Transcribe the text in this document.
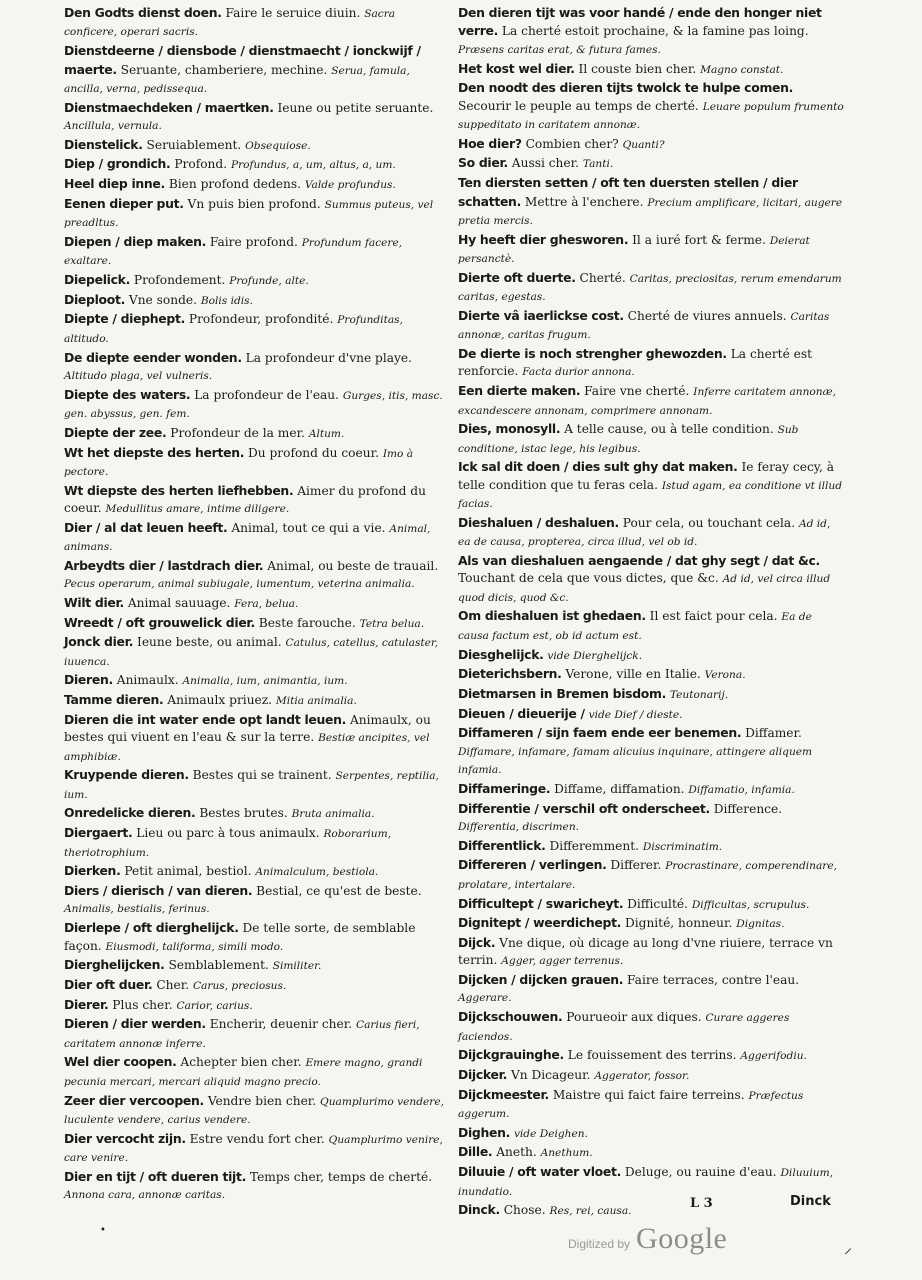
Den Godts dienst doen. Faire le seruice diuin. Sacra conficere, operari sacris.
Dienstdeerne / diensbode / dienstmaecht / ionckwijf / maerte. Seruante, chamberiere, mechine. Serua, famula, ancilla, verna, pedissequa.
Dienstmaechdeken / maertken. Ieune ou petite seruante. Ancillula, vernula.
Dienstelick. Seruiablement. Obsequiose.
Diep / grondich. Profond. Profundus, a, um, altus, a, um.
Heel diep inne. Bien profond dedens. Valde profundus.
Eenen dieper put. Vn puis bien profond. Summus puteus, vel preadltus.
Diepen / diep maken. Faire profond. Profundum facere, exaltare.
Diepelick. Profondement. Profunde, alte.
Dieploot. Vne sonde. Bolis idis.
Diepte / diephept. Profondeur, profondité. Profunditas, altitudo.
De diepte eender wonden. La profondeur d'vne playe. Altitudo plaga, vel vulneris.
Diepte des waters. La profondeur de l'eau. Gurges, itis, masc. gen. abyssus, gen. fem.
Diepte der zee. Profondeur de la mer. Altum.
Wt het diepste des herten. Du profond du coeur. Imo à pectore.
Wt diepste des herten liefhebben. Aimer du profond du coeur. Medullitus amare, intime diligere.
Dier / al dat leuen heeft. Animal, tout ce qui a vie. Animal, animans.
Arbeydts dier / lastdrach dier. Animal, ou beste de trauail. Pecus operarum, animal subiugale, iumentum, veterina animalia.
Wilt dier. Animal sauuage. Fera, belua.
Wreedt / oft grouwelick dier. Beste farouche. Tetra belua.
Jonck dier. Ieune beste, ou animal. Catulus, catellus, catulaster, iuuenca.
Dieren. Animaulx. Animalia, ium, animantia, ium.
Tamme dieren. Animaulx priuez. Mitia animalia.
Dieren die int water ende opt landt leuen. Animaulx, ou bestes qui viuent en l'eau & sur la terre. Bestiæ ancipites, vel amphibiæ.
Kruypende dieren. Bestes qui se trainent. Serpentes, reptilia, ium.
Onredelicke dieren. Bestes brutes. Bruta animalia.
Diergaert. Lieu ou parc à tous animaulx. Roborarium, theriotrophium.
Dierken. Petit animal, bestiol. Animalculum, bestiola.
Diers / dierisch / van dieren. Bestial, ce qu'est de beste. Animalis, bestialis, ferinus.
Dierlepe / oft dierghelijck. De telle sorte, de semblable façon. Eiusmodi, taliforma, simili modo.
Dierghelijcken. Semblablement. Similiter.
Dier oft duer. Cher. Carus, preciosus.
Dierer. Plus cher. Carior, carius.
Dieren / dier werden. Encherir, deuenir cher. Carius fieri, caritatem annonæ inferre.
Wel dier coopen. Achepter bien cher. Emere magno, grandi pecunia mercari, mercari aliquid magno precio.
Zeer dier vercoopen. Vendre bien cher. Quamplurimo vendere, luculente vendere, carius vendere.
Dier vercocht zijn. Estre vendu fort cher. Quamplurimo venire, care venire.
Dier en tijt / oft dueren tijt. Temps cher, temps de cherté. Annona cara, annonæ caritas.
Den dieren tijt was voor handé / ende den honger niet verre. La cherté estoit prochaine, & la famine pas loing. Præsens caritas erat, & futura fames.
Het kost wel dier. Il couste bien cher. Magno constat.
Den noodt des dieren tijts twolck te hulpe comen. Secourir le peuple au temps de cherté. Leuare populum frumento suppeditato in caritatem annonæ.
Hoe dier? Combien cher? Quanti?
So dier. Aussi cher. Tanti.
Ten diersten setten / oft ten duersten stellen / dier schatten. Mettre à l'enchere. Precium amplificare, licitari, augere pretia mercis.
Hy heeft dier ghesworen. Il a iuré fort & ferme. Deierat persanctè.
Dierte oft duerte. Cherté. Caritas, preciositas, rerum emendarum caritas, egestas.
Dierte vâ iaerlickse cost. Cherté de viures annuels. Caritas annonæ, caritas frugum.
De dierte is noch strengher ghewozden. La cherté est renforcie. Facta durior annona.
Een dierte maken. Faire vne cherté. Inferre caritatem annonæ, excandescere annonam, comprimere annonam.
Dies, monosyll. A telle cause, ou à telle condition. Sub conditione, istac lege, his legibus.
Ick sal dit doen / dies sult ghy dat maken. Ie feray cecy, à telle condition que tu feras cela. Istud agam, ea conditione vt illud facias.
Dieshaluen / deshaluen. Pour cela, ou touchant cela. Ad id, ea de causa, propterea, circa illud, vel ob id.
Als van dieshaluen aengaende / dat ghy segt / dat &c. Touchant de cela que vous dictes, que &c. Ad id, vel circa illud quod dicis, quod &c.
Om dieshaluen ist ghedaen. Il est faict pour cela. Ea de causa factum est, ob id actum est.
Diesghelijck. vide Dierghelijck.
Dieterichsbern. Verone, ville en Italie. Verona.
Dietmarsen in Bremen bisdom. Teutonarij.
Dieuen / dieuerije / vide Dief / dieste.
Diffameren / sijn faem ende eer benemen. Diffamer. Diffamare, infamare, famam alicuius inquinare, attingere aliquem infamia.
Diffameringe. Diffame, diffamation. Diffamatio, infamia.
Differentie / verschil oft onderscheet. Difference. Differentia, discrimen.
Differentlick. Differemment. Discriminatim.
Differeren / verlingen. Differer. Procrastinare, comperendinare, prolatare, intertalare.
Difficultept / swaricheyt. Difficulté. Difficultas, scrupulus.
Dignitept / weerdichept. Dignité, honneur. Dignitas.
Dijck. Vne dique, où dicage au long d'vne riuiere, terrace vn terrin. Agger, agger terrenus.
Dijcken / dijcken grauen. Faire terraces, contre l'eau. Aggerare.
Dijckschouwen. Pourueoir aux diques. Curare aggeres faciendos.
Dijckgrauinghe. Le fouissement des terrins. Aggerifodiu.
Dijcker. Vn Dicageur. Aggerator, fossor.
Dijckmeester. Maistre qui faict faire terreins. Præfectus aggerum.
Dighen. vide Deighen.
Dille. Aneth. Anethum.
Diluuie / oft water vloet. Deluge, ou rauine d'eau. Diluuium, inundatio.
Dinck. Chose. Res, rei, causa.
•
L 3	Dinck
Digitized by Google	⸝
